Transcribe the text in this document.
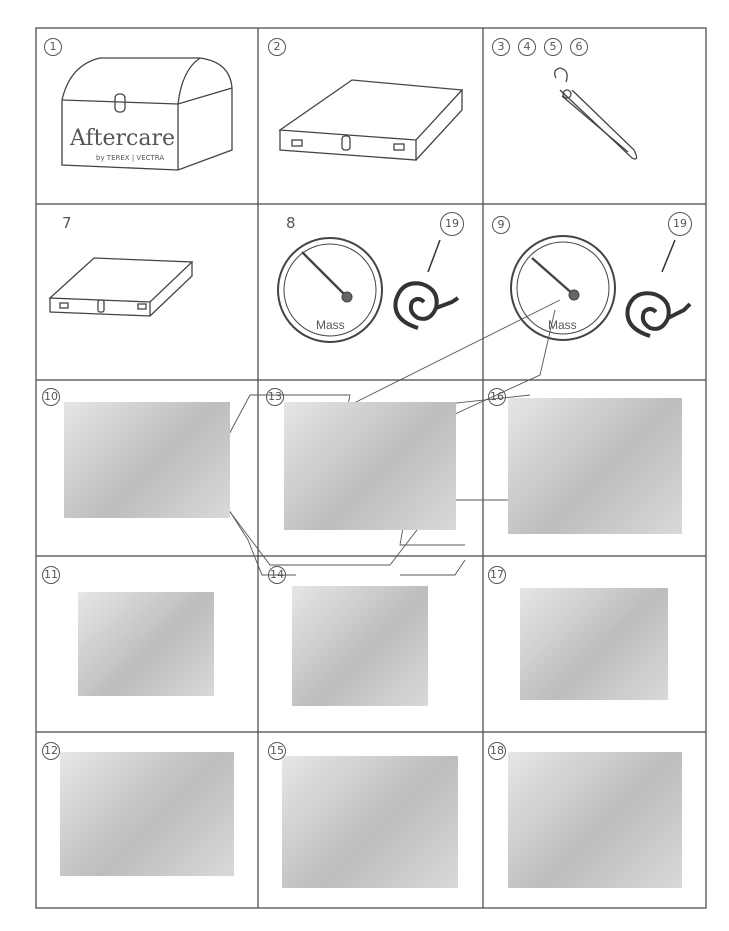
Aftercare
by TEREX | VECTRA
Mass	Mass
1	2	3 4 5 6
7	8	9
19	19
10	13	16
11	14	17
12	15	18
